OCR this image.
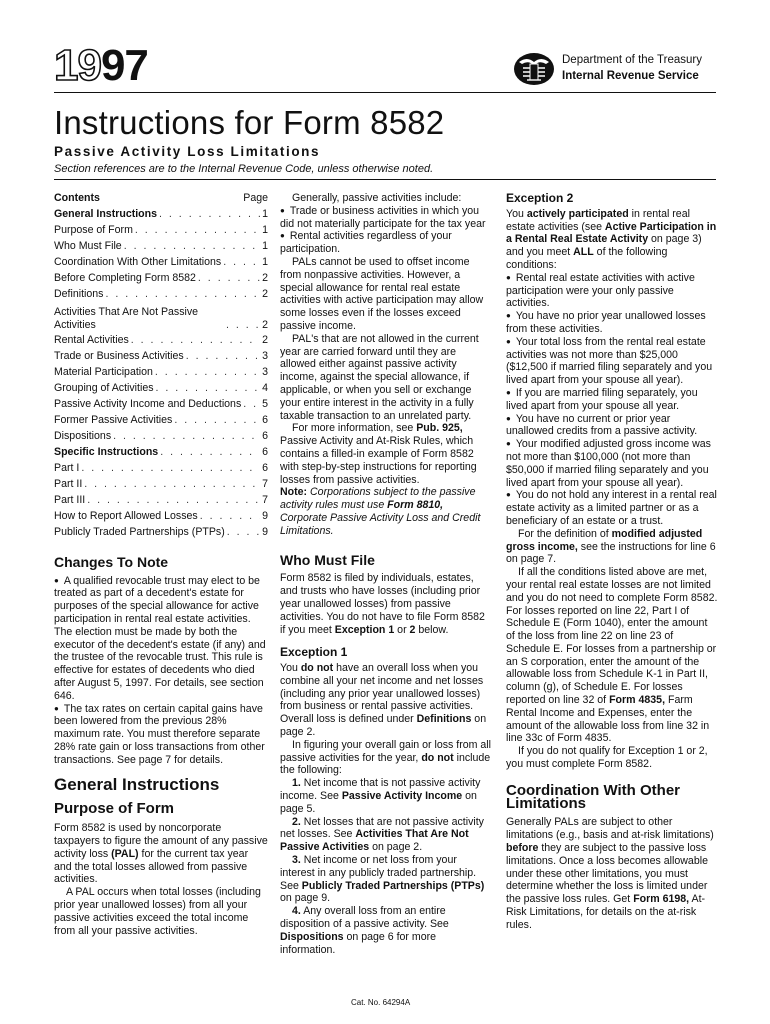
1997	Department of the Treasury
Internal Revenue Service
Instructions for Form 8582
Passive Activity Loss Limitations
Section references are to the Internal Revenue Code, unless otherwise noted.
Contents	Page
General Instructions . . .	1
Purpose of Form . . .	1
Who Must File . . .	1
Coordination With Other Limitations . . .	1
Before Completing Form 8582 . . .	2
Definitions . . .	2
Activities That Are Not Passive Activities . . .	2
Rental Activities . . .	2
Trade or Business Activities . . .	3
Material Participation . . .	3
Grouping of Activities . . .	4
Passive Activity Income and Deductions . . . 5
Former Passive Activities . . .	6
Dispositions . . .	6
Specific Instructions . . .	6
Part I . . .	6
Part II . . .	7
Part III . . .	7
How to Report Allowed Losses . . .	9
Publicly Traded Partnerships (PTPs) . . .	9
Changes To Note

● A qualified revocable trust may elect to be treated as part of a decedent's estate for purposes of the special allowance for active participation in rental real estate activities. The election must be made by both the executor of the decedent's estate (if any) and the trustee of the revocable trust. This rule is effective for estates of decedents who died after August 5, 1997. For details, see section 646.

● The tax rates on certain capital gains have been lowered from the previous 28% maximum rate. You must therefore separate 28% rate gain or loss transactions from other transactions. See page 7 for details.

General Instructions
Purpose of Form

Form 8582 is used by noncorporate taxpayers to figure the amount of any passive activity loss (PAL) for the current tax year and the total losses allowed from passive activities.

A PAL occurs when total losses (including prior year unallowed losses) from all your passive activities exceed the total income from all your passive activities.

Generally, passive activities include:

● Trade or business activities in which you did not materially participate for the tax year

● Rental activities regardless of your participation.

PALs cannot be used to offset income from nonpassive activities. However, a special allowance for rental real estate activities with active participation may allow some losses even if the losses exceed passive income.

PAL's that are not allowed in the current year are carried forward until they are allowed either against passive activity income, against the special allowance, if applicable, or when you sell or exchange your entire interest in the activity in a fully taxable transaction to an unrelated party.

For more information, see Pub. 925, Passive Activity and At-Risk Rules, which contains a filled-in example of Form 8582 with step-by-step instructions for reporting losses from passive activities.

Note: Corporations subject to the passive activity rules must use Form 8810, Corporate Passive Activity Loss and Credit Limitations.

Who Must File

Form 8582 is filed by individuals, estates, and trusts who have losses (including prior year unallowed losses) from passive activities. You do not have to file Form 8582 if you meet Exception 1 or 2 below.

Exception 1

You do not have an overall loss when you combine all your net income and net losses (including any prior year unallowed losses) from business or rental passive activities. Overall loss is defined under Definitions on page 2.

In figuring your overall gain or loss from all passive activities for the year, do not include the following:

1. Net income that is not passive activity income. See Passive Activity Income on page 5.

2. Net losses that are not passive activity net losses. See Activities That Are Not Passive Activities on page 2.

3. Net income or net loss from your interest in any publicly traded partnership. See Publicly Traded Partnerships (PTPs) on page 9.

4. Any overall loss from an entire disposition of a passive activity. See Dispositions on page 6 for more information.

Exception 2

You actively participated in rental real estate activities (see Active Participation in a Rental Real Estate Activity on page 3) and you meet ALL of the following conditions:

● Rental real estate activities with active participation were your only passive activities.

● You have no prior year unallowed losses from these activities.

● Your total loss from the rental real estate activities was not more than $25,000 ($12,500 if married filing separately and you lived apart from your spouse all year).

● If you are married filing separately, you lived apart from your spouse all year.

● You have no current or prior year unallowed credits from a passive activity.

● Your modified adjusted gross income was not more than $100,000 (not more than $50,000 if married filing separately and you lived apart from your spouse all year).

● You do not hold any interest in a rental real estate activity as a limited partner or as a beneficiary of an estate or a trust.

For the definition of modified adjusted gross income, see the instructions for line 6 on page 7.

If all the conditions listed above are met, your rental real estate losses are not limited and you do not need to complete Form 8582. For losses reported on line 22, Part I of Schedule E (Form 1040), enter the amount of the loss from line 22 on line 23 of Schedule E. For losses from a partnership or an S corporation, enter the amount of the allowable loss from Schedule K-1 in Part II, column (g), of Schedule E. For losses reported on line 32 of Form 4835, Farm Rental Income and Expenses, enter the amount of the allowable loss from line 32 in line 33c of Form 4835.

If you do not qualify for Exception 1 or 2, you must complete Form 8582.

Coordination With Other Limitations

Generally PALs are subject to other limitations (e.g., basis and at-risk limitations) before they are subject to the passive loss limitations. Once a loss becomes allowable under these other limitations, you must determine whether the loss is limited under the passive loss rules. Get Form 6198, At-Risk Limitations, for details on the at-risk rules.

Cat. No. 64294A
